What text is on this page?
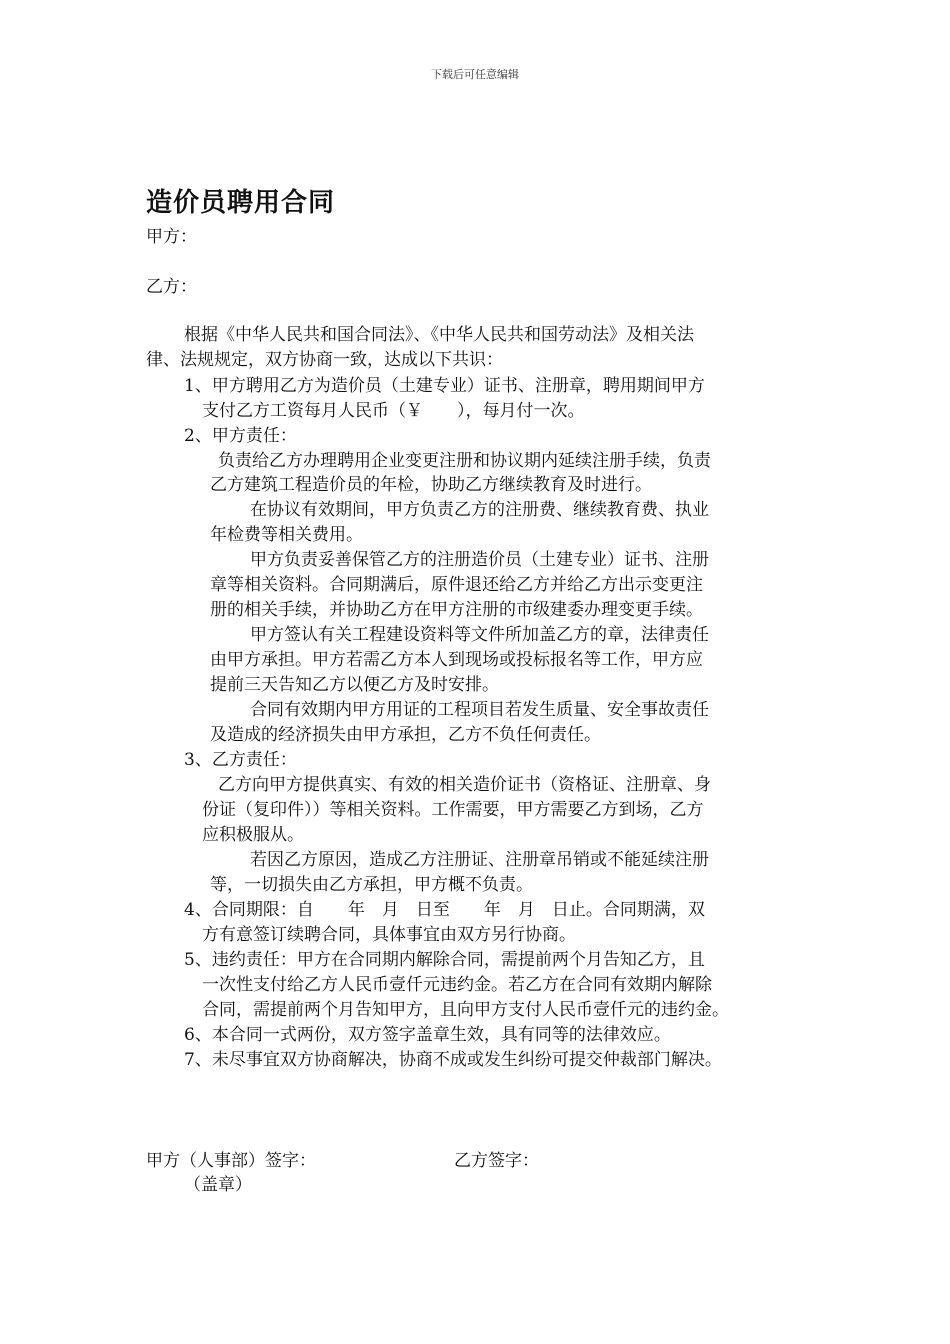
下载后可任意编辑
造价员聘用合同
甲方：
乙方：
根据《中华人民共和国合同法》、《中华人民共和国劳动法》及相关法
律、法规规定，双方协商一致，达成以下共识：
1、甲方聘用乙方为造价员（土建专业）证书、注册章，聘用期间甲方
支付乙方工资每月人民币（￥　　），每月付一次。
2、甲方责任：
负责给乙方办理聘用企业变更注册和协议期内延续注册手续，负责
乙方建筑工程造价员的年检，协助乙方继续教育及时进行。
在协议有效期间，甲方负责乙方的注册费、继续教育费、执业
年检费等相关费用。
甲方负责妥善保管乙方的注册造价员（土建专业）证书、注册
章等相关资料。合同期满后，原件退还给乙方并给乙方出示变更注
册的相关手续，并协助乙方在甲方注册的市级建委办理变更手续。
甲方签认有关工程建设资料等文件所加盖乙方的章，法律责任
由甲方承担。甲方若需乙方本人到现场或投标报名等工作，甲方应
提前三天告知乙方以便乙方及时安排。
合同有效期内甲方用证的工程项目若发生质量、安全事故责任
及造成的经济损失由甲方承担，乙方不负任何责任。
3、乙方责任：
乙方向甲方提供真实、有效的相关造价证书（资格证、注册章、身
份证（复印件））等相关资料。工作需要，甲方需要乙方到场，乙方
应积极服从。
若因乙方原因，造成乙方注册证、注册章吊销或不能延续注册
等，一切损失由乙方承担，甲方概不负责。
4、合同期限：自　　年　月　日至　　年　月　日止。合同期满，双
方有意签订续聘合同，具体事宜由双方另行协商。
5、违约责任：甲方在合同期内解除合同，需提前两个月告知乙方，且
一次性支付给乙方人民币壹仟元违约金。若乙方在合同有效期内解除
合同，需提前两个月告知甲方，且向甲方支付人民币壹仟元的违约金。
6、本合同一式两份，双方签字盖章生效，具有同等的法律效应。
7、未尽事宜双方协商解决，协商不成或发生纠纷可提交仲裁部门解决。
甲方（人事部）签字：	乙方签字：
（盖章）
